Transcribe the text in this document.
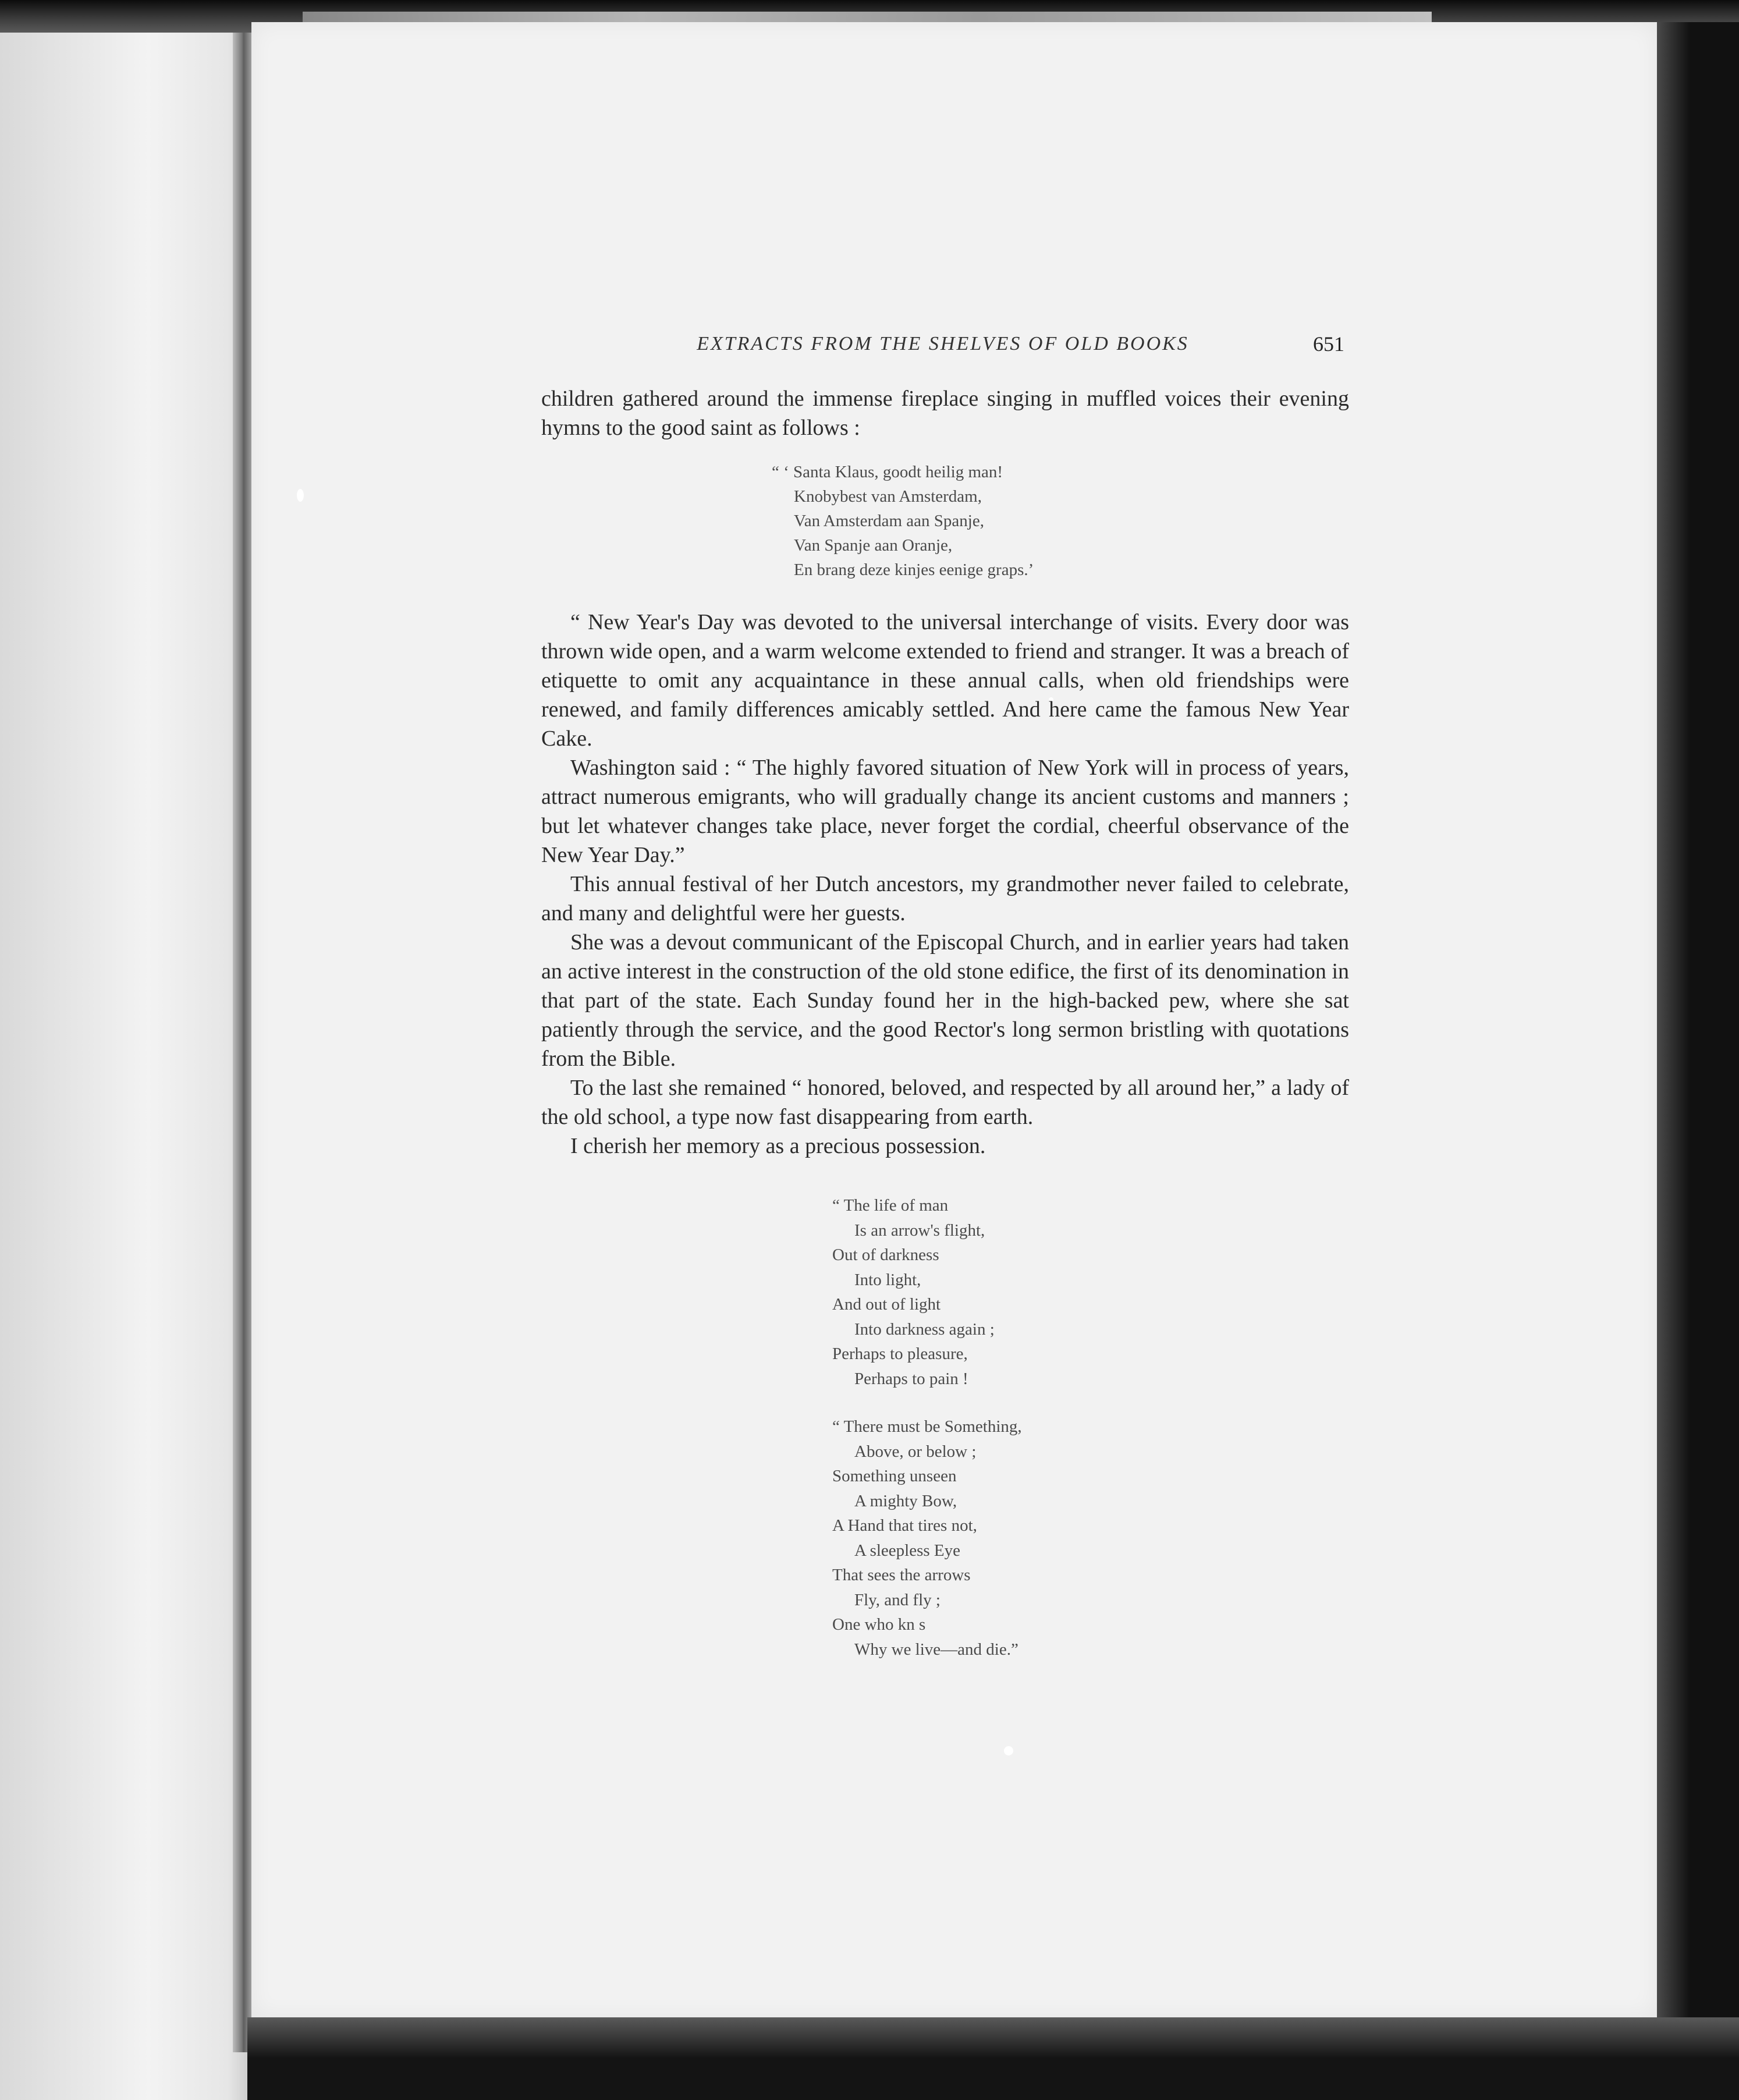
EXTRACTS FROM THE SHELVES OF OLD BOOKS	651

children gathered around the immense fireplace singing in muffled voices their evening hymns to the good saint as follows :

“ ‘ Santa Klaus, goodt heilig man!
Knobybest van Amsterdam,
Van Amsterdam aan Spanje,
Van Spanje aan Oranje,
En brang deze kinjes eenige graps.’

“ New Year's Day was devoted to the universal interchange of visits. Every door was thrown wide open, and a warm welcome extended to friend and stranger. It was a breach of etiquette to omit any acquaintance in these annual calls, when old friendships were renewed, and family differences amicably settled. And here came the famous New Year Cake.

Washington said : “ The highly favored situation of New York will in process of years, attract numerous emigrants, who will gradually change its ancient customs and manners ; but let whatever changes take place, never forget the cordial, cheerful observance of the New Year Day.”

This annual festival of her Dutch ancestors, my grandmother never failed to celebrate, and many and delightful were her guests.

She was a devout communicant of the Episcopal Church, and in earlier years had taken an active interest in the construction of the old stone edifice, the first of its denomination in that part of the state. Each Sunday found her in the high-backed pew, where she sat patiently through the service, and the good Rector's long sermon bristling with quotations from the Bible.

To the last she remained “ honored, beloved, and respected by all around her,” a lady of the old school, a type now fast disappearing from earth.

I cherish her memory as a precious possession.

“ The life of man
Is an arrow's flight,
Out of darkness
Into light,
And out of light
Into darkness again ;
Perhaps to pleasure,
Perhaps to pain !
“ There must be Something,
Above, or below ;
Something unseen
A mighty Bow,
A Hand that tires not,
A sleepless Eye
That sees the arrows
Fly, and fly ;
One who kn s
Why we live—and die.”
